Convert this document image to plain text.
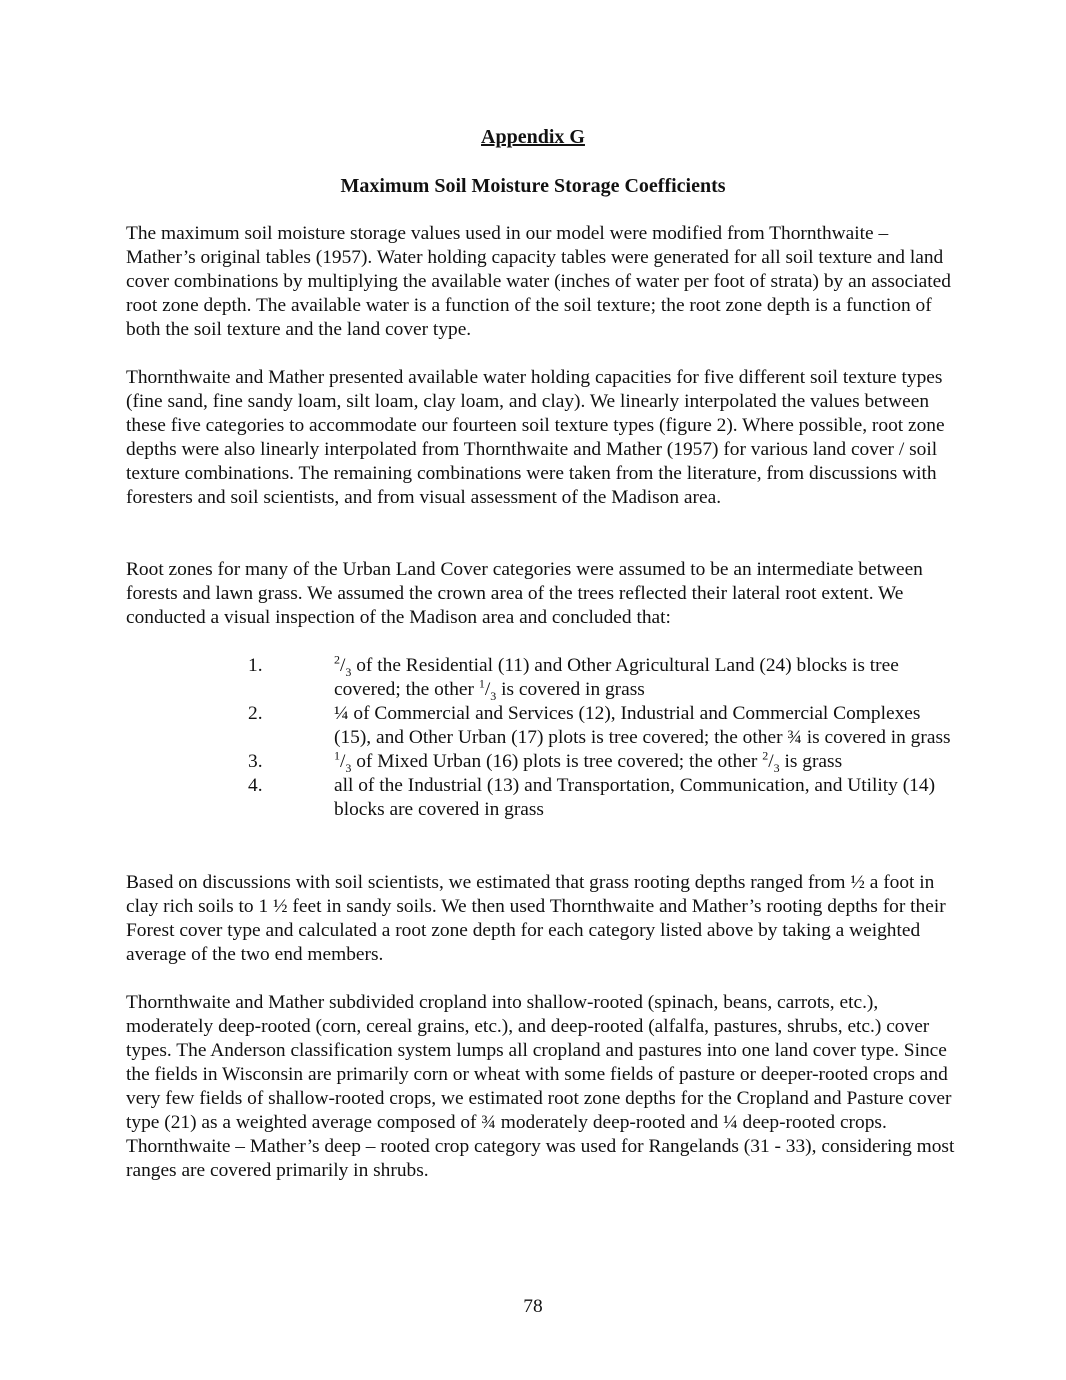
Appendix G
Maximum Soil Moisture Storage Coefficients

The maximum soil moisture storage values used in our model were modified from Thornthwaite – Mather’s original tables (1957). Water holding capacity tables were generated for all soil texture and land cover combinations by multiplying the available water (inches of water per foot of strata) by an associated root zone depth. The available water is a function of the soil texture; the root zone depth is a function of both the soil texture and the land cover type.

Thornthwaite and Mather presented available water holding capacities for five different soil texture types (fine sand, fine sandy loam, silt loam, clay loam, and clay). We linearly interpolated the values between these five categories to accommodate our fourteen soil texture types (figure 2). Where possible, root zone depths were also linearly interpolated from Thornthwaite and Mather (1957) for various land cover / soil texture combinations. The remaining combinations were taken from the literature, from discussions with foresters and soil scientists, and from visual assessment of the Madison area.

Root zones for many of the Urban Land Cover categories were assumed to be an intermediate between forests and lawn grass. We assumed the crown area of the trees reflected their lateral root extent. We conducted a visual inspection of the Madison area and concluded that:

1.	$^2/_3$ of the Residential (11) and Other Agricultural Land (24) blocks is tree covered; the other $^1/_3$ is covered in grass
2.	¼ of Commercial and Services (12), Industrial and Commercial Complexes (15), and Other Urban (17) plots is tree covered; the other ¾ is covered in grass
3.	$^1/_3$ of Mixed Urban (16) plots is tree covered; the other $^2/_3$ is grass
4.	all of the Industrial (13) and Transportation, Communication, and Utility (14) blocks are covered in grass

Based on discussions with soil scientists, we estimated that grass rooting depths ranged from ½ a foot in clay rich soils to 1 ½ feet in sandy soils. We then used Thornthwaite and Mather’s rooting depths for their Forest cover type and calculated a root zone depth for each category listed above by taking a weighted average of the two end members.

Thornthwaite and Mather subdivided cropland into shallow-rooted (spinach, beans, carrots, etc.), moderately deep-rooted (corn, cereal grains, etc.), and deep-rooted (alfalfa, pastures, shrubs, etc.) cover types. The Anderson classification system lumps all cropland and pastures into one land cover type. Since the fields in Wisconsin are primarily corn or wheat with some fields of pasture or deeper-rooted crops and very few fields of shallow-rooted crops, we estimated root zone depths for the Cropland and Pasture cover type (21) as a weighted average composed of ¾ moderately deep-rooted and ¼ deep-rooted crops. Thornthwaite – Mather’s deep – rooted crop category was used for Rangelands (31 - 33), considering most ranges are covered primarily in shrubs.

78
